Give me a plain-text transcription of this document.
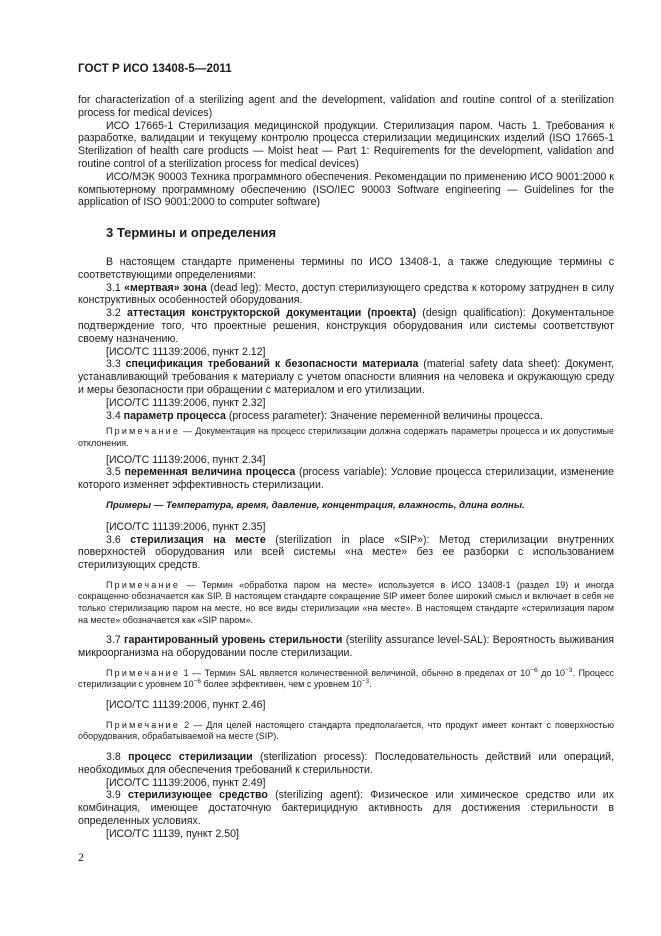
ГОСТ Р ИСО 13408-5—2011

for characterization of a sterilizing agent and the development, validation and routine control of a sterilization process for medical devices)

ИСО 17665-1 Стерилизация медицинской продукции. Стерилизация паром. Часть 1. Требования к разработке, валидации и текущему контролю процесса стерилизации медицинских изделий (ISO 17665-1 Sterilization of health care products — Moist heat — Part 1: Requirements for the development, validation and routine control of a sterilization process for medical devices)

ИСО/МЭК 90003 Техника программного обеспечения. Рекомендации по применению ИСО 9001:2000 к компьютерному программному обеспечению (ISO/IEC 90003 Software engineering — Guidelines for the application of ISO 9001:2000 to computer software)

3 Термины и определения

В настоящем стандарте применены термины по ИСО 13408-1, а также следующие термины с соответствующими определениями:

3.1 «мертвая» зона (dead leg): Место, доступ стерилизующего средства к которому затруднен в силу конструктивных особенностей оборудования.

3.2 аттестация конструкторской документации (проекта) (design qualification): Документальное подтверждение того, что проектные решения, конструкция оборудования или системы соответствуют своему назначению.

[ИСО/ТС 11139:2006, пункт 2.12]

3.3 спецификация требований к безопасности материала (material safety data sheet): Документ, устанавливающий требования к материалу с учетом опасности влияния на человека и окружающую среду и меры безопасности при обращении с материалом и его утилизации.

[ИСО/ТС 11139:2006, пункт 2.32]

3.4 параметр процесса (process parameter): Значение переменной величины процесса.

Примечание — Документация на процесс стерилизации должна содержать параметры процесса и их допустимые отклонения.

[ИСО/ТС 11139:2006, пункт 2.34]

3.5 переменная величина процесса (process variable): Условие процесса стерилизации, изменение которого изменяет эффективность стерилизации.

Примеры — Температура, время, давление, концентрация, влажность, длина волны.

[ИСО/ТС 11139:2006, пункт 2.35]

3.6 стерилизация на месте (sterilization in place «SIP»): Метод стерилизации внутренних поверхностей оборудования или всей системы «на месте» без ее разборки с использованием стерилизующих средств.

Примечание — Термин «обработка паром на месте» используется в ИСО 13408-1 (раздел 19) и иногда сокращенно обозначается как SIP. В настоящем стандарте сокращение SIP имеет более широкий смысл и включает в себя не только стерилизацию паром на месте, но все виды стерилизации «на месте». В настоящем стандарте «стерилизация паром на месте» обозначается как «SIP паром».

3.7 гарантированный уровень стерильности (sterility assurance level-SAL): Вероятность выживания микроорганизма на оборудовании после стерилизации.

Примечание 1 — Термин SAL является количественной величиной, обычно в пределах от $10^{-6}$ до $10^{-3}$. Процесс стерилизации с уровнем $10^{-6}$ более эффективен, чем с уровнем $10^{-3}$.

[ИСО/ТС 11139:2006, пункт 2.46]

Примечание 2 — Для целей настоящего стандарта предполагается, что продукт имеет контакт с поверхностью оборудования, обрабатываемой на месте (SIP).

3.8 процесс стерилизации (sterilization process): Последовательность действий или операций, необходимых для обеспечения требований к стерильности.

[ИСО/ТС 11139:2006, пункт 2.49]

3.9 стерилизующее средство (sterilizing agent): Физическое или химическое средство или их комбинация, имеющее достаточную бактерицидную активность для достижения стерильности в определенных условиях.

[ИСО/ТС 11139, пункт 2.50]

2
